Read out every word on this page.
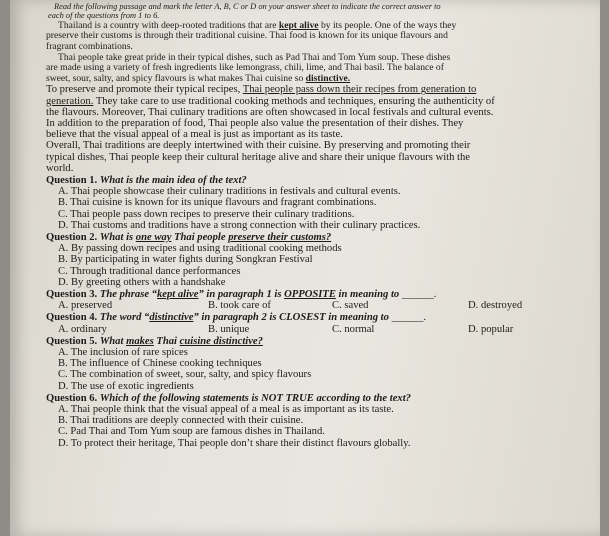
Read the following passage and mark the letter A, B, C or D on your answer sheet to indicate the correct answer to
each of the questions from 1 to 6.
Thailand is a country with deep-rooted traditions that are kept alive by its people. One of the ways they
preserve their customs is through their traditional cuisine. Thai food is known for its unique flavours and
fragrant combinations.
Thai people take great pride in their typical dishes, such as Pad Thai and Tom Yum soup. These dishes
are made using a variety of fresh ingredients like lemongrass, chili, lime, and Thai basil. The balance of
sweet, sour, salty, and spicy flavours is what makes Thai cuisine so distinctive.
To preserve and promote their typical recipes, Thai people pass down their recipes from generation to
generation. They take care to use traditional cooking methods and techniques, ensuring the authenticity of
the flavours. Moreover, Thai culinary traditions are often showcased in local festivals and cultural events.
In addition to the preparation of food, Thai people also value the presentation of their dishes. They
believe that the visual appeal of a meal is just as important as its taste.
Overall, Thai traditions are deeply intertwined with their cuisine. By preserving and promoting their
typical dishes, Thai people keep their cultural heritage alive and share their unique flavours with the
world.
Question 1. What is the main idea of the text?
A. Thai people showcase their culinary traditions in festivals and cultural events.
B. Thai cuisine is known for its unique flavours and fragrant combinations.
C. Thai people pass down recipes to preserve their culinary traditions.
D. Thai customs and traditions have a strong connection with their culinary practices.
Question 2. What is one way Thai people preserve their customs?
A. By passing down recipes and using traditional cooking methods
B. By participating in water fights during Songkran Festival
C. Through traditional dance performances
D. By greeting others with a handshake
Question 3. The phrase “kept alive” in paragraph 1 is OPPOSITE in meaning to ______.
A. preserved	B. took care of	C. saved	D. destroyed
Question 4. The word “distinctive” in paragraph 2 is CLOSEST in meaning to ______.
A. ordinary	B. unique	C. normal	D. popular
Question 5. What makes Thai cuisine distinctive?
A. The inclusion of rare spices
B. The influence of Chinese cooking techniques
C. The combination of sweet, sour, salty, and spicy flavours
D. The use of exotic ingredients
Question 6. Which of the following statements is NOT TRUE according to the text?
A. Thai people think that the visual appeal of a meal is as important as its taste.
B. Thai traditions are deeply connected with their cuisine.
C. Pad Thai and Tom Yum soup are famous dishes in Thailand.
D. To protect their heritage, Thai people don’t share their distinct flavours globally.
